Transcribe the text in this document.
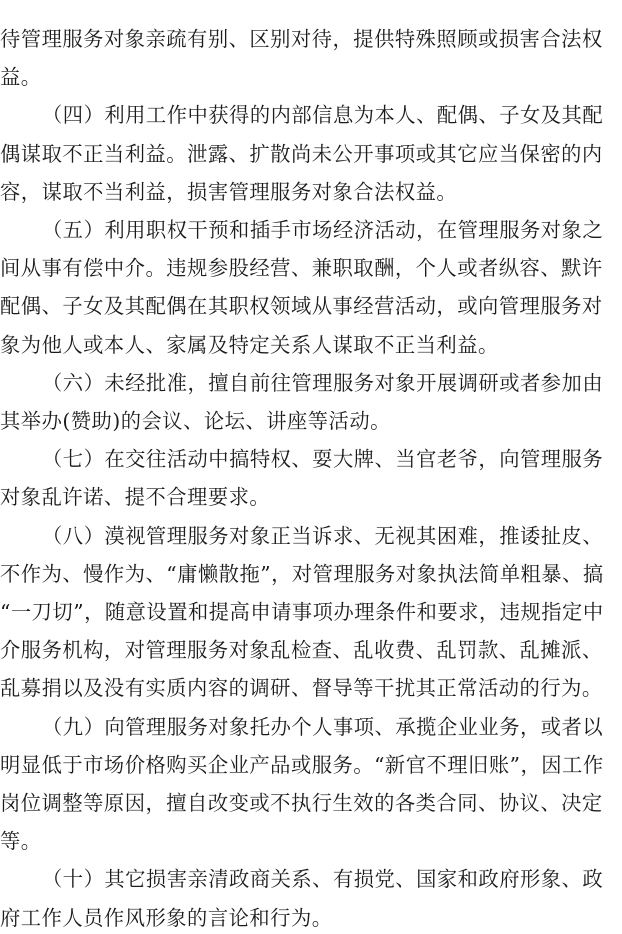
待管理服务对象亲疏有别、区别对待，提供特殊照顾或损害合法权
益。
（四）利用工作中获得的内部信息为本人、配偶、子女及其配
偶谋取不正当利益。泄露、扩散尚未公开事项或其它应当保密的内
容，谋取不当利益，损害管理服务对象合法权益。
（五）利用职权干预和插手市场经济活动，在管理服务对象之
间从事有偿中介。违规参股经营、兼职取酬，个人或者纵容、默许
配偶、子女及其配偶在其职权领域从事经营活动，或向管理服务对
象为他人或本人、家属及特定关系人谋取不正当利益。
（六）未经批准，擅自前往管理服务对象开展调研或者参加由
其举办(赞助)的会议、论坛、讲座等活动。
（七）在交往活动中搞特权、耍大牌、当官老爷，向管理服务
对象乱许诺、提不合理要求。
（八）漠视管理服务对象正当诉求、无视其困难，推诿扯皮、
不作为、慢作为、“庸懒散拖”，对管理服务对象执法简单粗暴、搞
“一刀切”，随意设置和提高申请事项办理条件和要求，违规指定中
介服务机构，对管理服务对象乱检查、乱收费、乱罚款、乱摊派、
乱募捐以及没有实质内容的调研、督导等干扰其正常活动的行为。
（九）向管理服务对象托办个人事项、承揽企业业务，或者以
明显低于市场价格购买企业产品或服务。“新官不理旧账”，因工作
岗位调整等原因，擅自改变或不执行生效的各类合同、协议、决定
等。
（十）其它损害亲清政商关系、有损党、国家和政府形象、政
府工作人员作风形象的言论和行为。
